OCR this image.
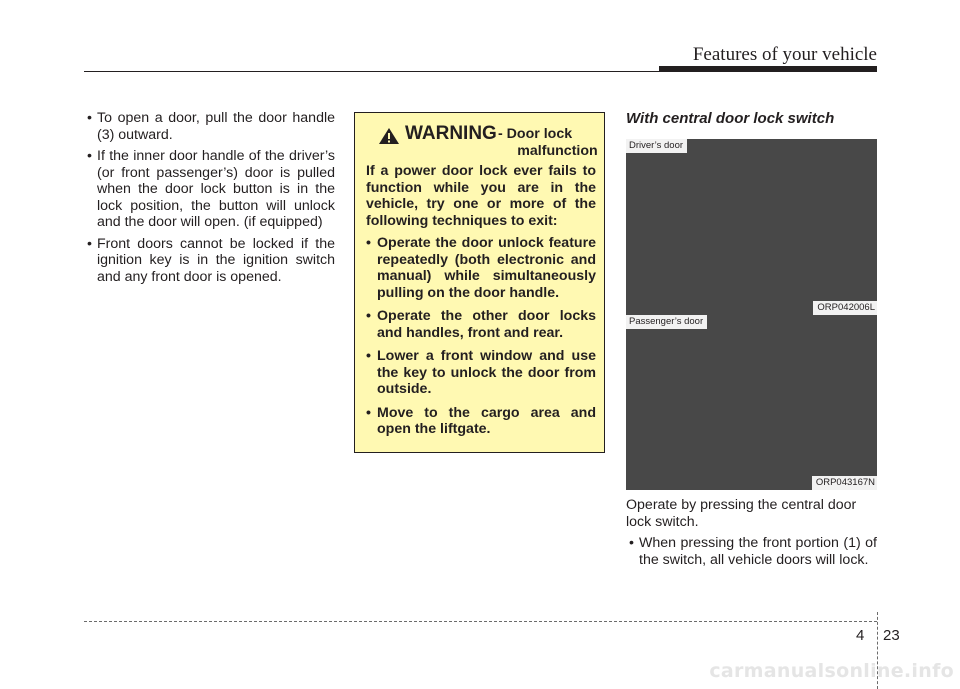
Features of your vehicle
• To open a door, pull the door handle (3) outward.
• If the inner door handle of the driver’s (or front passenger’s) door is pulled when the door lock button is in the lock position, the button will unlock and the door will open. (if equipped)
• Front doors cannot be locked if the ignition key is in the ignition switch and any front door is opened.
WARNING - Door lock
malfunction

If a power door lock ever fails to function while you are in the vehicle, try one or more of the following techniques to exit:

• Operate the door unlock feature repeatedly (both electronic and manual) while simultaneously pulling on the door handle.
• Operate the other door locks and handles, front and rear.
• Lower a front window and use the key to unlock the door from outside.
• Move to the cargo area and open the liftgate.
With central door lock switch
Driver’s door
ORP042006L
Passenger’s door
ORP043167N

Operate by pressing the central door lock switch.

• When pressing the front portion (1) of the switch, all vehicle doors will lock.
4 23
carmanualsonline.info
